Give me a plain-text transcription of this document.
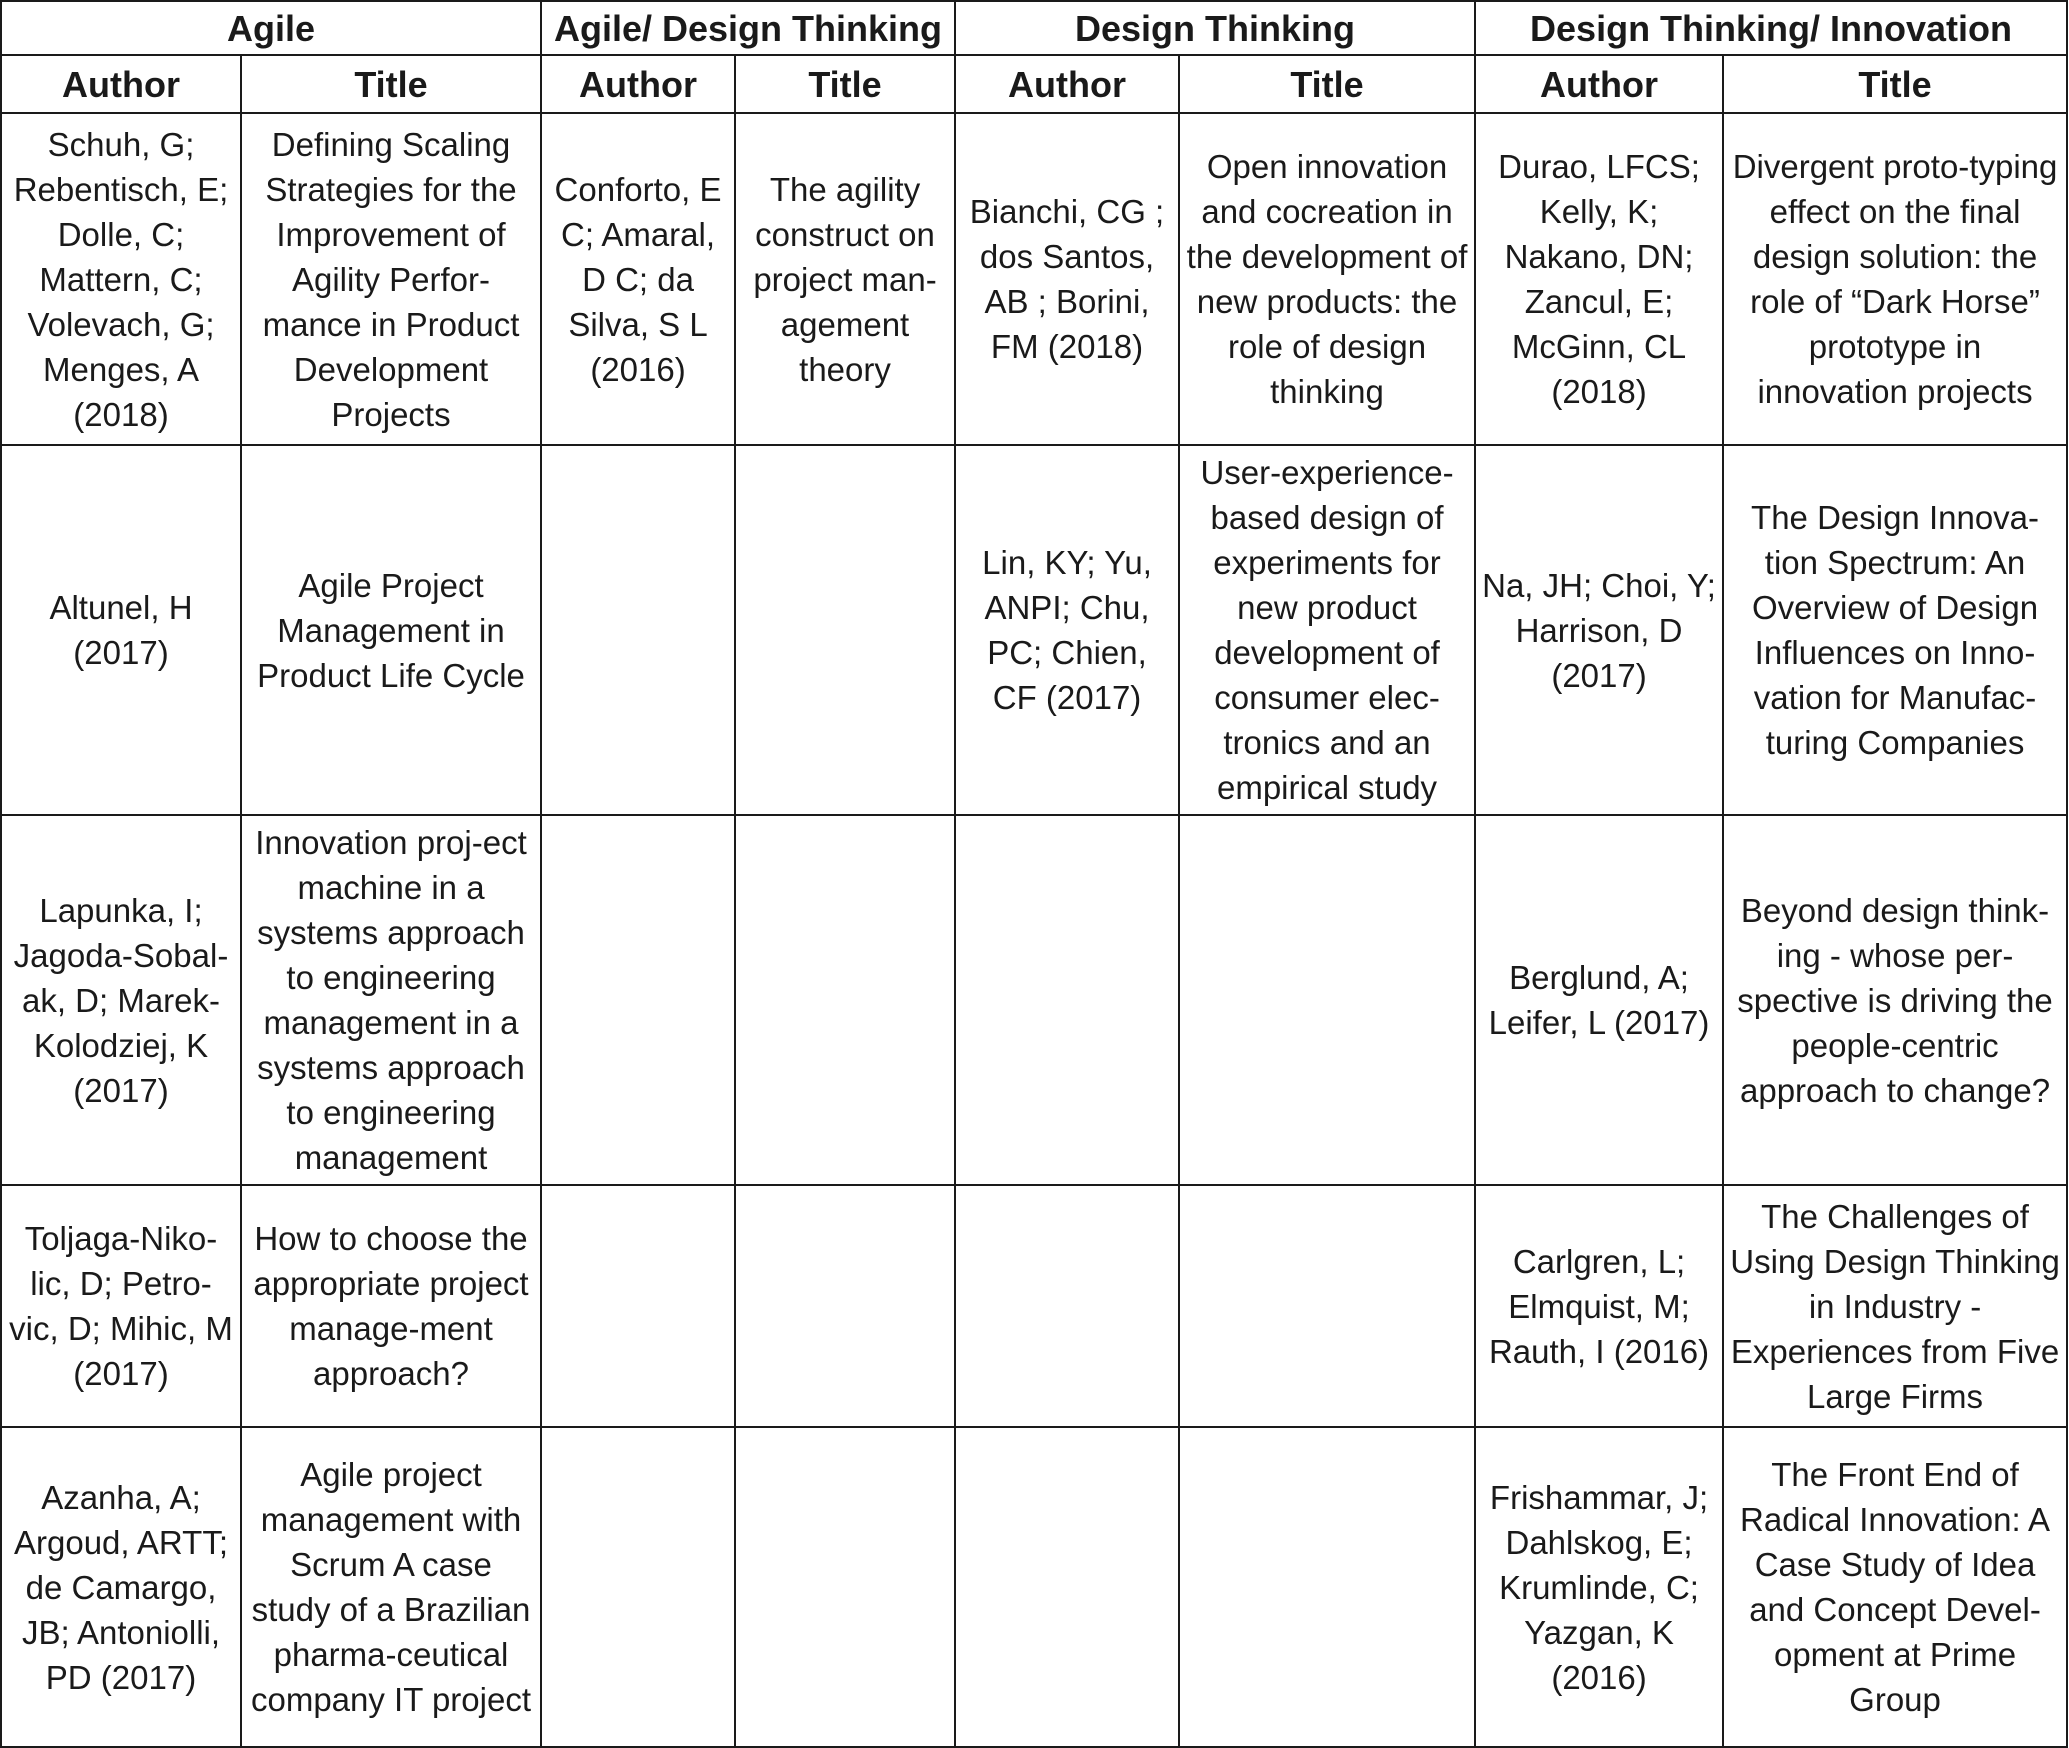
Agile		Agile/ Design Thinking		Design Thinking		Design Thinking/ Innovation	
Author	Title	Author	Title	Author	Title	Author	Title
Schuh, G; Rebentisch, E; Dolle, C; Mattern, C; Volevach, G; Menges, A (2018)	Defining Scaling Strategies for the Improvement of Agility Perfor-mance in Product Development Projects	Conforto, E C; Amaral, D C; da Silva, S L (2016)	The agility construct on project man-agement theory	Bianchi, CG ; dos Santos, AB ; Borini, FM (2018)	Open innovation and cocreation in the development of new products: the role of design thinking	Durao, LFCS; Kelly, K; Nakano, DN; Zancul, E; McGinn, CL (2018)	Divergent proto-typing effect on the final design solution: the role of “Dark Horse” prototype in innovation projects
Altunel, H (2017)	Agile Project Management in Product Life Cycle			Lin, KY; Yu, ANPI; Chu, PC; Chien, CF (2017)	User-experience-based design of experiments for new product development of consumer elec-tronics and an empirical study	Na, JH; Choi, Y; Harrison, D (2017)	The Design Innova-tion Spectrum: An Overview of Design Influences on Inno-vation for Manufac-turing Companies
Lapunka, I; Jagoda-Sobal-ak, D; Marek-Kolodziej, K (2017)	Innovation proj-ect machine in a systems approach to engineering management in a systems approach to engineering management					Berglund, A; Leifer, L (2017)	Beyond design think-ing - whose per-spective is driving the people-centric approach to change?
Toljaga-Niko-lic, D; Petro-vic, D; Mihic, M (2017)	How to choose the appropriate project manage-ment approach?					Carlgren, L; Elmquist, M; Rauth, I (2016)	The Challenges of Using Design Thinking in Industry - Experiences from Five Large Firms
Azanha, A; Argoud, ARTT; de Camargo, JB; Antoniolli, PD (2017)	Agile project management with Scrum A case study of a Brazilian pharma-ceutical company IT project					Frishammar, J; Dahlskog, E; Krumlinde, C; Yazgan, K (2016)	The Front End of Radical Innovation: A Case Study of Idea and Concept Devel-opment at Prime Group
